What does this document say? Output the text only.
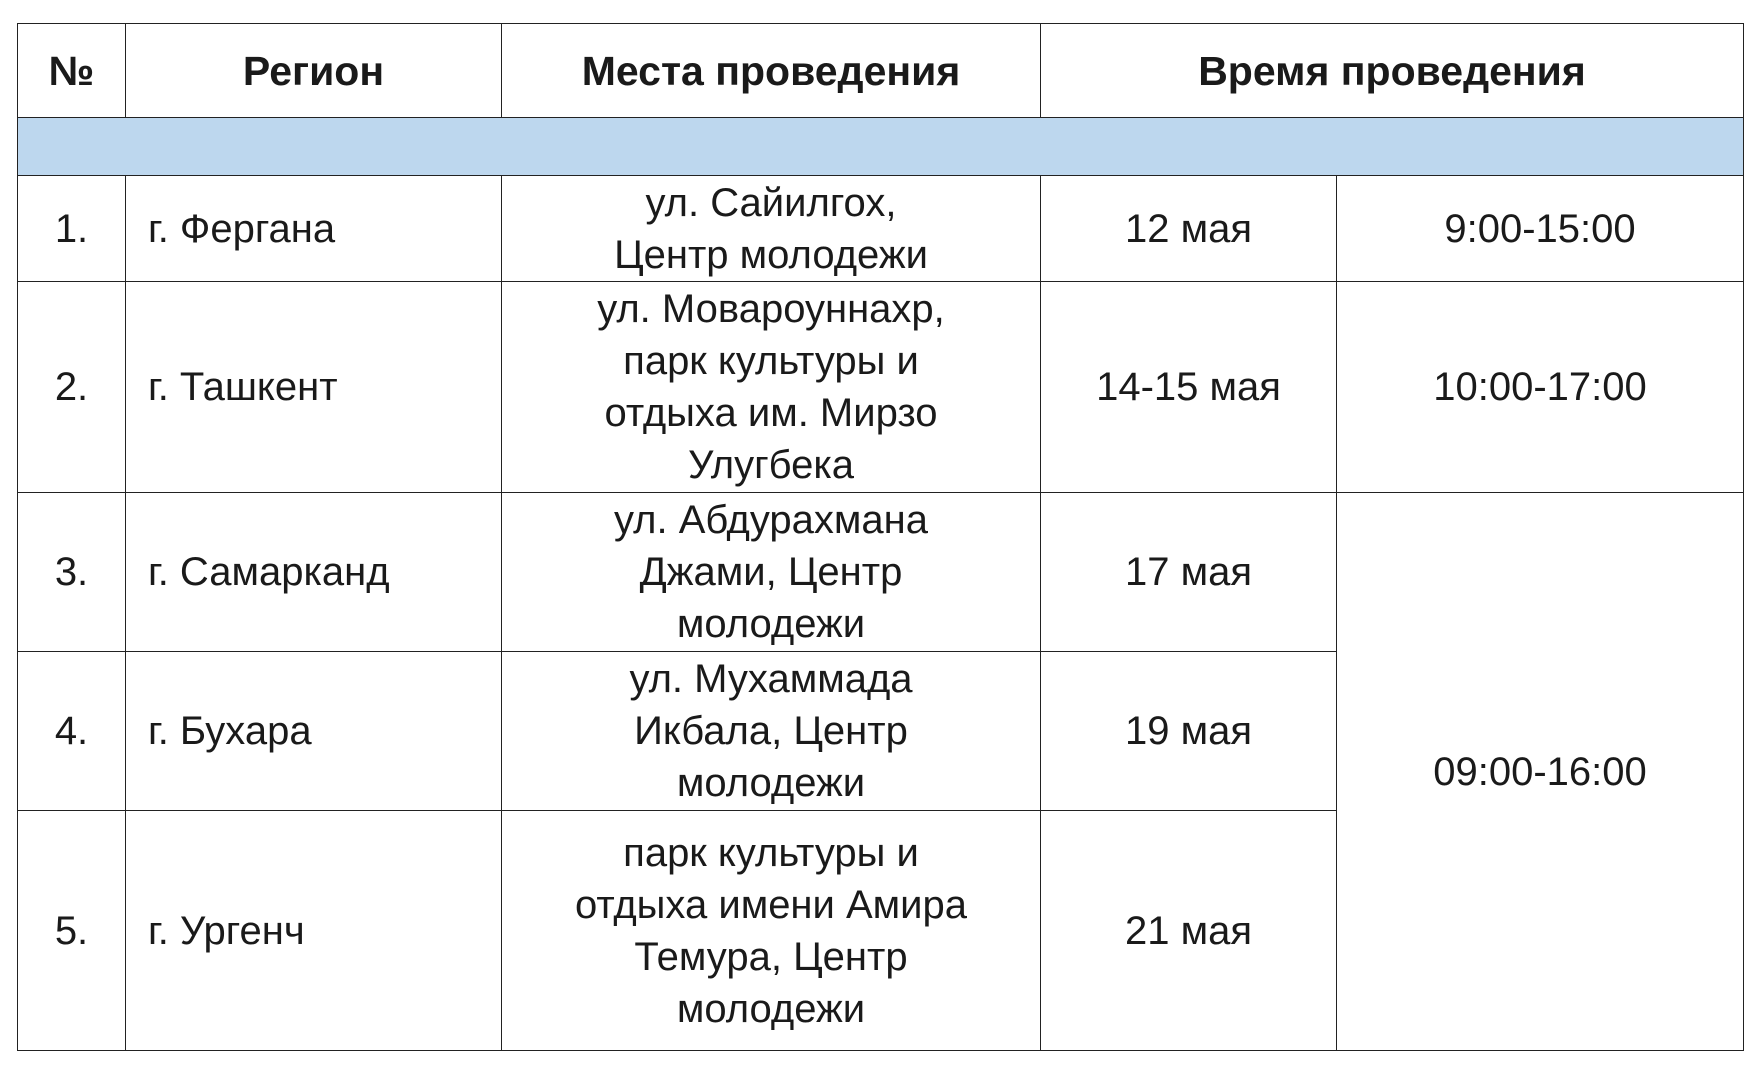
№	Регион	Места проведения	Время проведения	

1.	г. Фергана	ул. Сайилгох,
Центр молодежи	12 мая	9:00-15:00
2.	г. Ташкент	ул. Мовароуннахр,
парк культуры и
отдыха им. Мирзо
Улугбека	14-15 мая	10:00-17:00
3.	г. Самарканд	ул. Абдурахмана
Джами, Центр
молодежи	17 мая	09:00-16:00
4.	г. Бухара	ул. Мухаммада
Икбала, Центр
молодежи	19 мая	
5.	г. Ургенч	парк культуры и
отдыха имени Амира
Темура, Центр
молодежи	21 мая	
